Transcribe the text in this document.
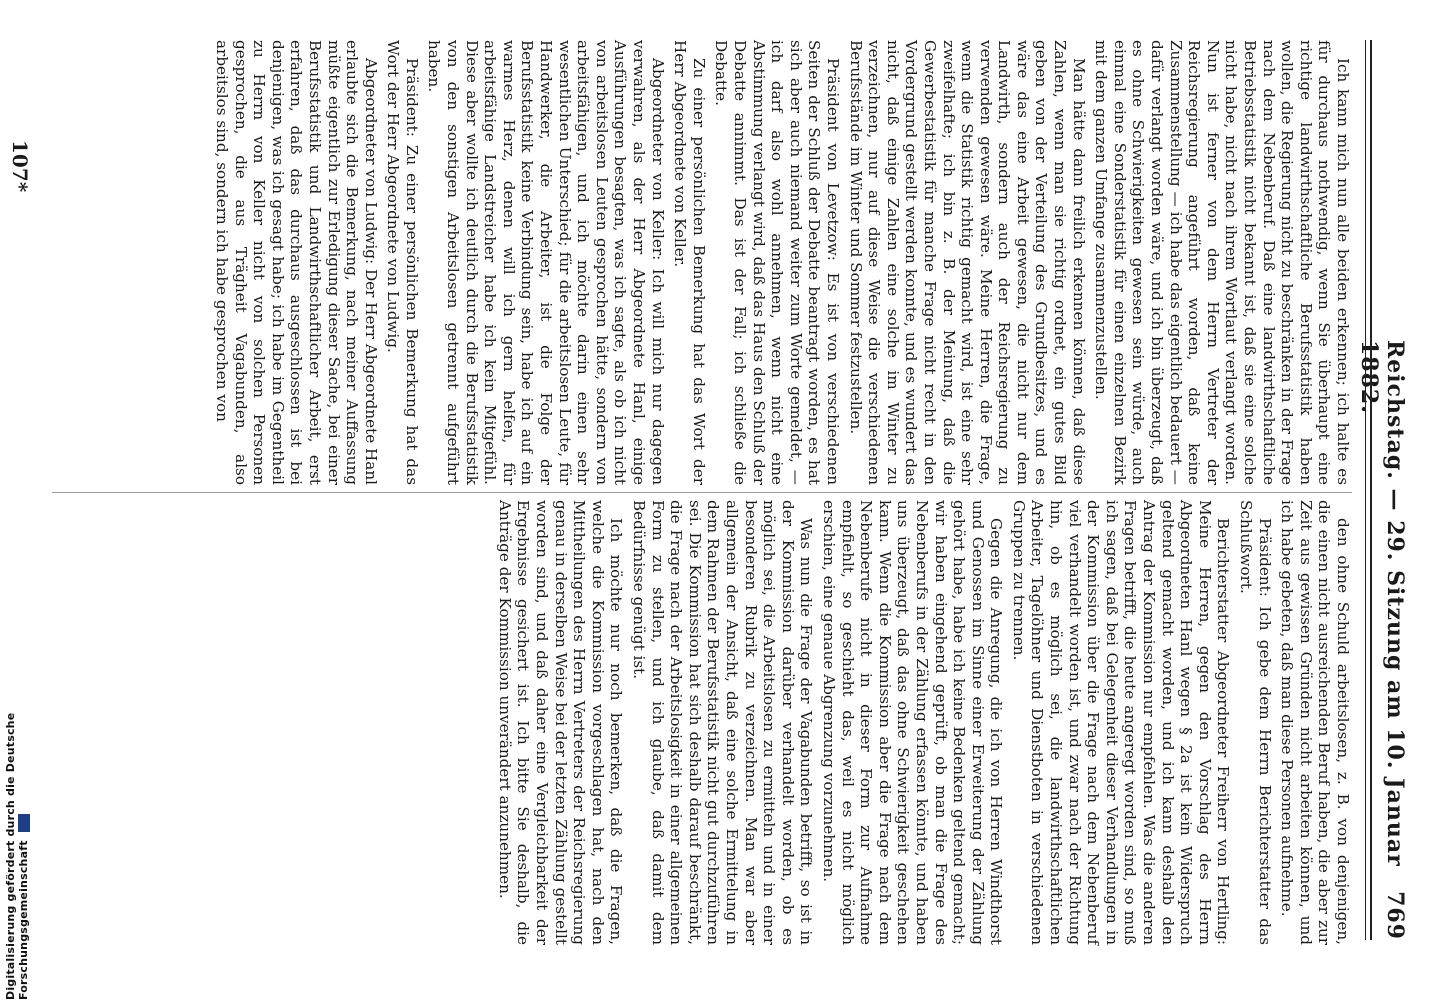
Reichstag. — 29. Sitzung am 10. Januar 1882.
769

Ich kann mich nun alle beiden erkennen; ich halte es für durchaus nothwendig, wenn Sie überhaupt eine richtige landwirthschaftliche Berufsstatistik haben wollen, die Regierung nicht zu beschränken in der Frage nach dem Nebenberuf. Daß eine landwirthschaftliche Betriebsstatistik nicht bekannt ist, daß sie eine solche nicht habe, nicht nach ihrem Wortlaut verlangt worden. Nun ist ferner von dem Herrn Vertreter der Reichsregierung angeführt worden, daß keine Zusammenstellung — ich habe das eigentlich bedauert — dafür verlangt worden wäre, und ich bin überzeugt, daß es ohne Schwierigkeiten gewesen sein würde, auch einmal eine Sonderstatistik für einen einzelnen Bezirk mit dem ganzen Umfange zusammenzustellen.

Man hätte dann freilich erkennen können, daß diese Zahlen, wenn man sie richtig ordnet, ein gutes Bild geben von der Verteilung des Grundbesitzes, und es wäre das eine Arbeit gewesen, die nicht nur dem Landwirth, sondern auch der Reichsregierung zu verwenden gewesen wäre. Meine Herren, die Frage, wenn die Statistik richtig gemacht wird, ist eine sehr zweifelhafte; ich bin z. B. der Meinung, daß die Gewerbestatistik für manche Frage nicht recht in den Vordergrund gestellt werden konnte, und es wundert das nicht, daß einige Zahlen eine solche im Winter zu verzeichnen, nur auf diese Weise die verschiedenen Berufsstände im Winter und Sommer festzustellen.

Präsident von Levetzow: Es ist von verschiedenen Seiten der Schluß der Debatte beantragt worden, es hat sich aber auch niemand weiter zum Worte gemeldet, — ich darf also wohl annehmen, wenn nicht eine Abstimmung verlangt wird, daß das Haus den Schluß der Debatte annimmt. Das ist der Fall; ich schließe die Debatte.

Zu einer persönlichen Bemerkung hat das Wort der Herr Abgeordnete von Keller.

Abgeordneter von Keller: Ich will mich nur dagegen verwahren, als der Herr Abgeordnete Hanl, einige Ausführungen besagten, was ich sagte, als ob ich nicht von arbeitslosen Leuten gesprochen hätte, sondern von arbeitsfähigen, und ich möchte darin einen sehr wesentlichen Unterschied; für die arbeitslosen Leute, für Handwerker, die Arbeiter, ist die Folge der Berufsstatistik keine Verbindung sein, habe ich auf ein warmes Herz, denen will ich gern helfen, für arbeitsfähige Landstreicher habe ich kein Mitgefühl. Diese aber wollte ich deutlich durch die Berufsstatistik von den sonstigen Arbeitslosen getrennt aufgeführt haben.

Präsident: Zu einer persönlichen Bemerkung hat das Wort der Herr Abgeordnete von Ludwig.

Abgeordneter von Ludwig: Der Herr Abgeordnete Hanl erlaubte sich die Bemerkung, nach meiner Auffassung müßte eigentlich zur Erledigung dieser Sache, bei einer Berufsstatistik und Landwirthschaftlicher Arbeit, erst erfahren, daß das durchaus ausgeschlossen ist bei denjenigen, was ich gesagt habe; ich habe im Gegentheil zu Herrn von Keller nicht von solchen Personen gesprochen, die aus Trägheit Vagabunden, also arbeitslos sind, sondern ich habe gesprochen von

den ohne Schuld arbeitslosen, z. B. von denjenigen, die einen nicht ausreichenden Beruf haben, die aber zur Zeit aus gewissen Gründen nicht arbeiten können, und ich habe gebeten, daß man diese Personen aufnehme.

Präsident: Ich gebe dem Herrn Berichterstatter das Schlußwort.

Berichterstatter Abgeordneter Freiherr von Hertling: Meine Herren, gegen den Vorschlag des Herrn Abgeordneten Hanl wegen § 2a ist kein Widerspruch geltend gemacht worden, und ich kann deshalb den Antrag der Kommission nur empfehlen. Was die anderen Fragen betrifft, die heute angeregt worden sind, so muß ich sagen, daß bei Gelegenheit dieser Verhandlungen in der Kommission über die Frage nach dem Nebenberuf viel verhandelt worden ist, und zwar nach der Richtung hin, ob es möglich sei, die landwirthschaftlichen Arbeiter, Tagelöhner und Dienstboten in verschiedenen Gruppen zu trennen.

Gegen die Anregung, die ich von Herren Windthorst und Genossen im Sinne einer Erweiterung der Zählung gehört habe, habe ich keine Bedenken geltend gemacht; wir haben eingehend geprüft, ob man die Frage des Nebenberufs in der Zählung erfassen könnte, und haben uns überzeugt, daß das ohne Schwierigkeit geschehen kann. Wenn die Kommission aber die Frage nach dem Nebenberufe nicht in dieser Form zur Aufnahme empfiehlt, so geschieht das, weil es nicht möglich erschien, eine genaue Abgrenzung vorzunehmen.

Was nun die Frage der Vagabunden betrifft, so ist in der Kommission darüber verhandelt worden, ob es möglich sei, die Arbeitslosen zu ermitteln und in einer besonderen Rubrik zu verzeichnen. Man war aber allgemein der Ansicht, daß eine solche Ermittelung in dem Rahmen der Berufsstatistik nicht gut durchzuführen sei. Die Kommission hat sich deshalb darauf beschränkt, die Frage nach der Arbeitslosigkeit in einer allgemeinen Form zu stellen, und ich glaube, daß damit dem Bedürfnisse genügt ist.

Ich möchte nur noch bemerken, daß die Fragen, welche die Kommission vorgeschlagen hat, nach den Mittheilungen des Herrn Vertreters der Reichsregierung genau in derselben Weise bei der letzten Zählung gestellt worden sind, und daß daher eine Vergleichbarkeit der Ergebnisse gesichert ist. Ich bitte Sie deshalb, die Anträge der Kommission unverändert anzunehmen.

107*
Digitalisierung gefördert durch die Deutsche Forschungsgemeinschaft
